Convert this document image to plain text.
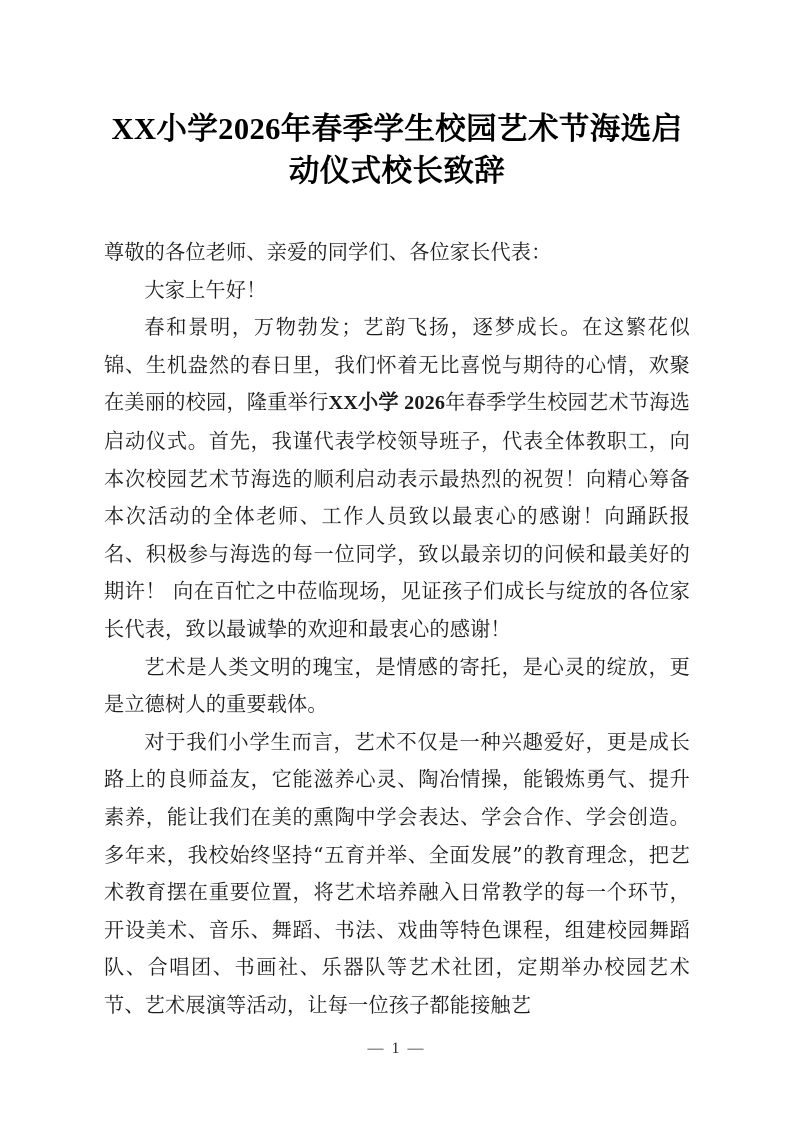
XX小学2026年春季学生校园艺术节海选启动仪式校长致辞

尊敬的各位老师、亲爱的同学们、各位家长代表：

大家上午好！

春和景明，万物勃发；艺韵飞扬，逐梦成长。在这繁花似锦、生机盎然的春日里，我们怀着无比喜悦与期待的心情，欢聚在美丽的校园，隆重举行XX小学 2026年春季学生校园艺术节海选启动仪式。首先，我谨代表学校领导班子，代表全体教职工，向本次校园艺术节海选的顺利启动表示最热烈的祝贺！向精心筹备本次活动的全体老师、工作人员致以最衷心的感谢！向踊跃报名、积极参与海选的每一位同学，致以最亲切的问候和最美好的期许！ 向在百忙之中莅临现场，见证孩子们成长与绽放的各位家长代表，致以最诚挚的欢迎和最衷心的感谢！

艺术是人类文明的瑰宝，是情感的寄托，是心灵的绽放，更是立德树人的重要载体。

对于我们小学生而言，艺术不仅是一种兴趣爱好，更是成长路上的良师益友，它能滋养心灵、陶冶情操，能锻炼勇气、提升素养，能让我们在美的熏陶中学会表达、学会合作、学会创造。多年来，我校始终坚持“五育并举、全面发展”的教育理念，把艺术教育摆在重要位置，将艺术培养融入日常教学的每一个环节，开设美术、音乐、舞蹈、书法、戏曲等特色课程，组建校园舞蹈队、合唱团、书画社、乐器队等艺术社团，定期举办校园艺术节、艺术展演等活动，让每一位孩子都能接触艺

— 1 —
